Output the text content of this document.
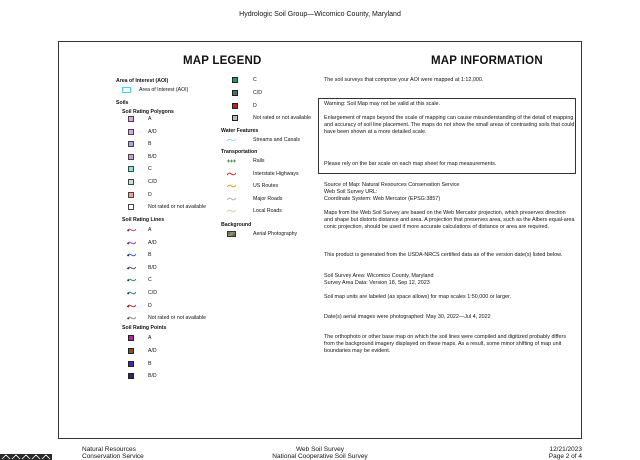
Hydrologic Soil Group—Wicomico County, Maryland
MAP LEGEND	MAP INFORMATION
Area of Interest (AOI)
Area of Interest (AOI)
Soils
Soil Rating Polygons
A
A/D
B
B/D
C
C/D
D
Not rated or not available
Soil Rating Lines
A
A/D
B
B/D
C
C/D
D
Not rated or not available
Soil Rating Points
A
A/D
B
B/D
C
C/D
D
Not rated or not available
Water Features
Streams and Canals
Transportation
Rails
Interstate Highways
US Routes
Major Roads
Local Roads
Background
Aerial Photography
The soil surveys that comprise your AOI were mapped at 1:12,000.
Warning: Soil Map may not be valid at this scale.
Enlargement of maps beyond the scale of mapping can cause misunderstanding of the detail of mapping and accuracy of soil line placement. The maps do not show the small areas of contrasting soils that could have been shown at a more detailed scale.
Please rely on the bar scale on each map sheet for map measurements.
Source of Map: Natural Resources Conservation Service
Web Soil Survey URL:
Coordinate System: Web Mercator (EPSG:3857)
Maps from the Web Soil Survey are based on the Web Mercator projection, which preserves direction and shape but distorts distance and area. A projection that preserves area, such as the Albers equal-area conic projection, should be used if more accurate calculations of distance or area are required.
This product is generated from the USDA-NRCS certified data as of the version date(s) listed below.
Soil Survey Area: Wicomico County, Maryland
Survey Area Data: Version 18, Sep 12, 2023
Soil map units are labeled (as space allows) for map scales 1:50,000 or larger.
Date(s) aerial images were photographed: May 30, 2022—Jul 4, 2022
The orthophoto or other base map on which the soil lines were compiled and digitized probably differs from the background imagery displayed on these maps. As a result, some minor shifting of map unit boundaries may be evident.
Natural Resources
Conservation Service
Web Soil Survey
National Cooperative Soil Survey
12/21/2023
Page 2 of 4
